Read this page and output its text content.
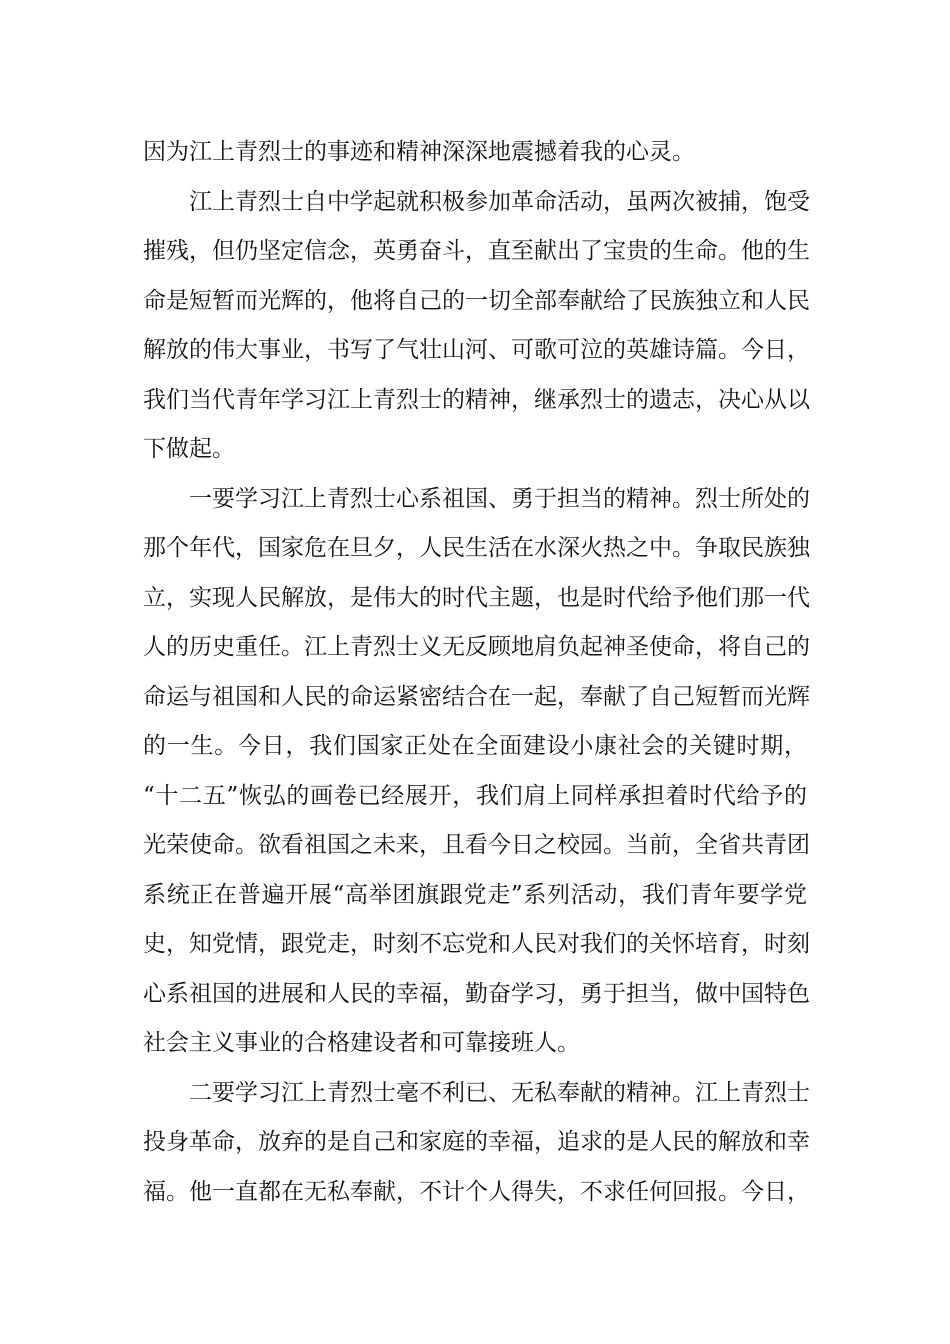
因为江上青烈士的事迹和精神深深地震撼着我的心灵。
江上青烈士自中学起就积极参加革命活动，虽两次被捕，饱受
摧残，但仍坚定信念，英勇奋斗，直至献出了宝贵的生命。他的生
命是短暂而光辉的，他将自己的一切全部奉献给了民族独立和人民
解放的伟大事业，书写了气壮山河、可歌可泣的英雄诗篇。今日，
我们当代青年学习江上青烈士的精神，继承烈士的遗志，决心从以
下做起。
一要学习江上青烈士心系祖国、勇于担当的精神。烈士所处的
那个年代，国家危在旦夕，人民生活在水深火热之中。争取民族独
立，实现人民解放，是伟大的时代主题，也是时代给予他们那一代
人的历史重任。江上青烈士义无反顾地肩负起神圣使命，将自己的
命运与祖国和人民的命运紧密结合在一起，奉献了自己短暂而光辉
的一生。今日，我们国家正处在全面建设小康社会的关键时期，
“十二五”恢弘的画卷已经展开，我们肩上同样承担着时代给予的
光荣使命。欲看祖国之未来，且看今日之校园。当前，全省共青团
系统正在普遍开展“高举团旗跟党走”系列活动，我们青年要学党
史，知党情，跟党走，时刻不忘党和人民对我们的关怀培育，时刻
心系祖国的进展和人民的幸福，勤奋学习，勇于担当，做中国特色
社会主义事业的合格建设者和可靠接班人。
二要学习江上青烈士毫不利已、无私奉献的精神。江上青烈士
投身革命，放弃的是自己和家庭的幸福，追求的是人民的解放和幸
福。他一直都在无私奉献，不计个人得失，不求任何回报。今日，
